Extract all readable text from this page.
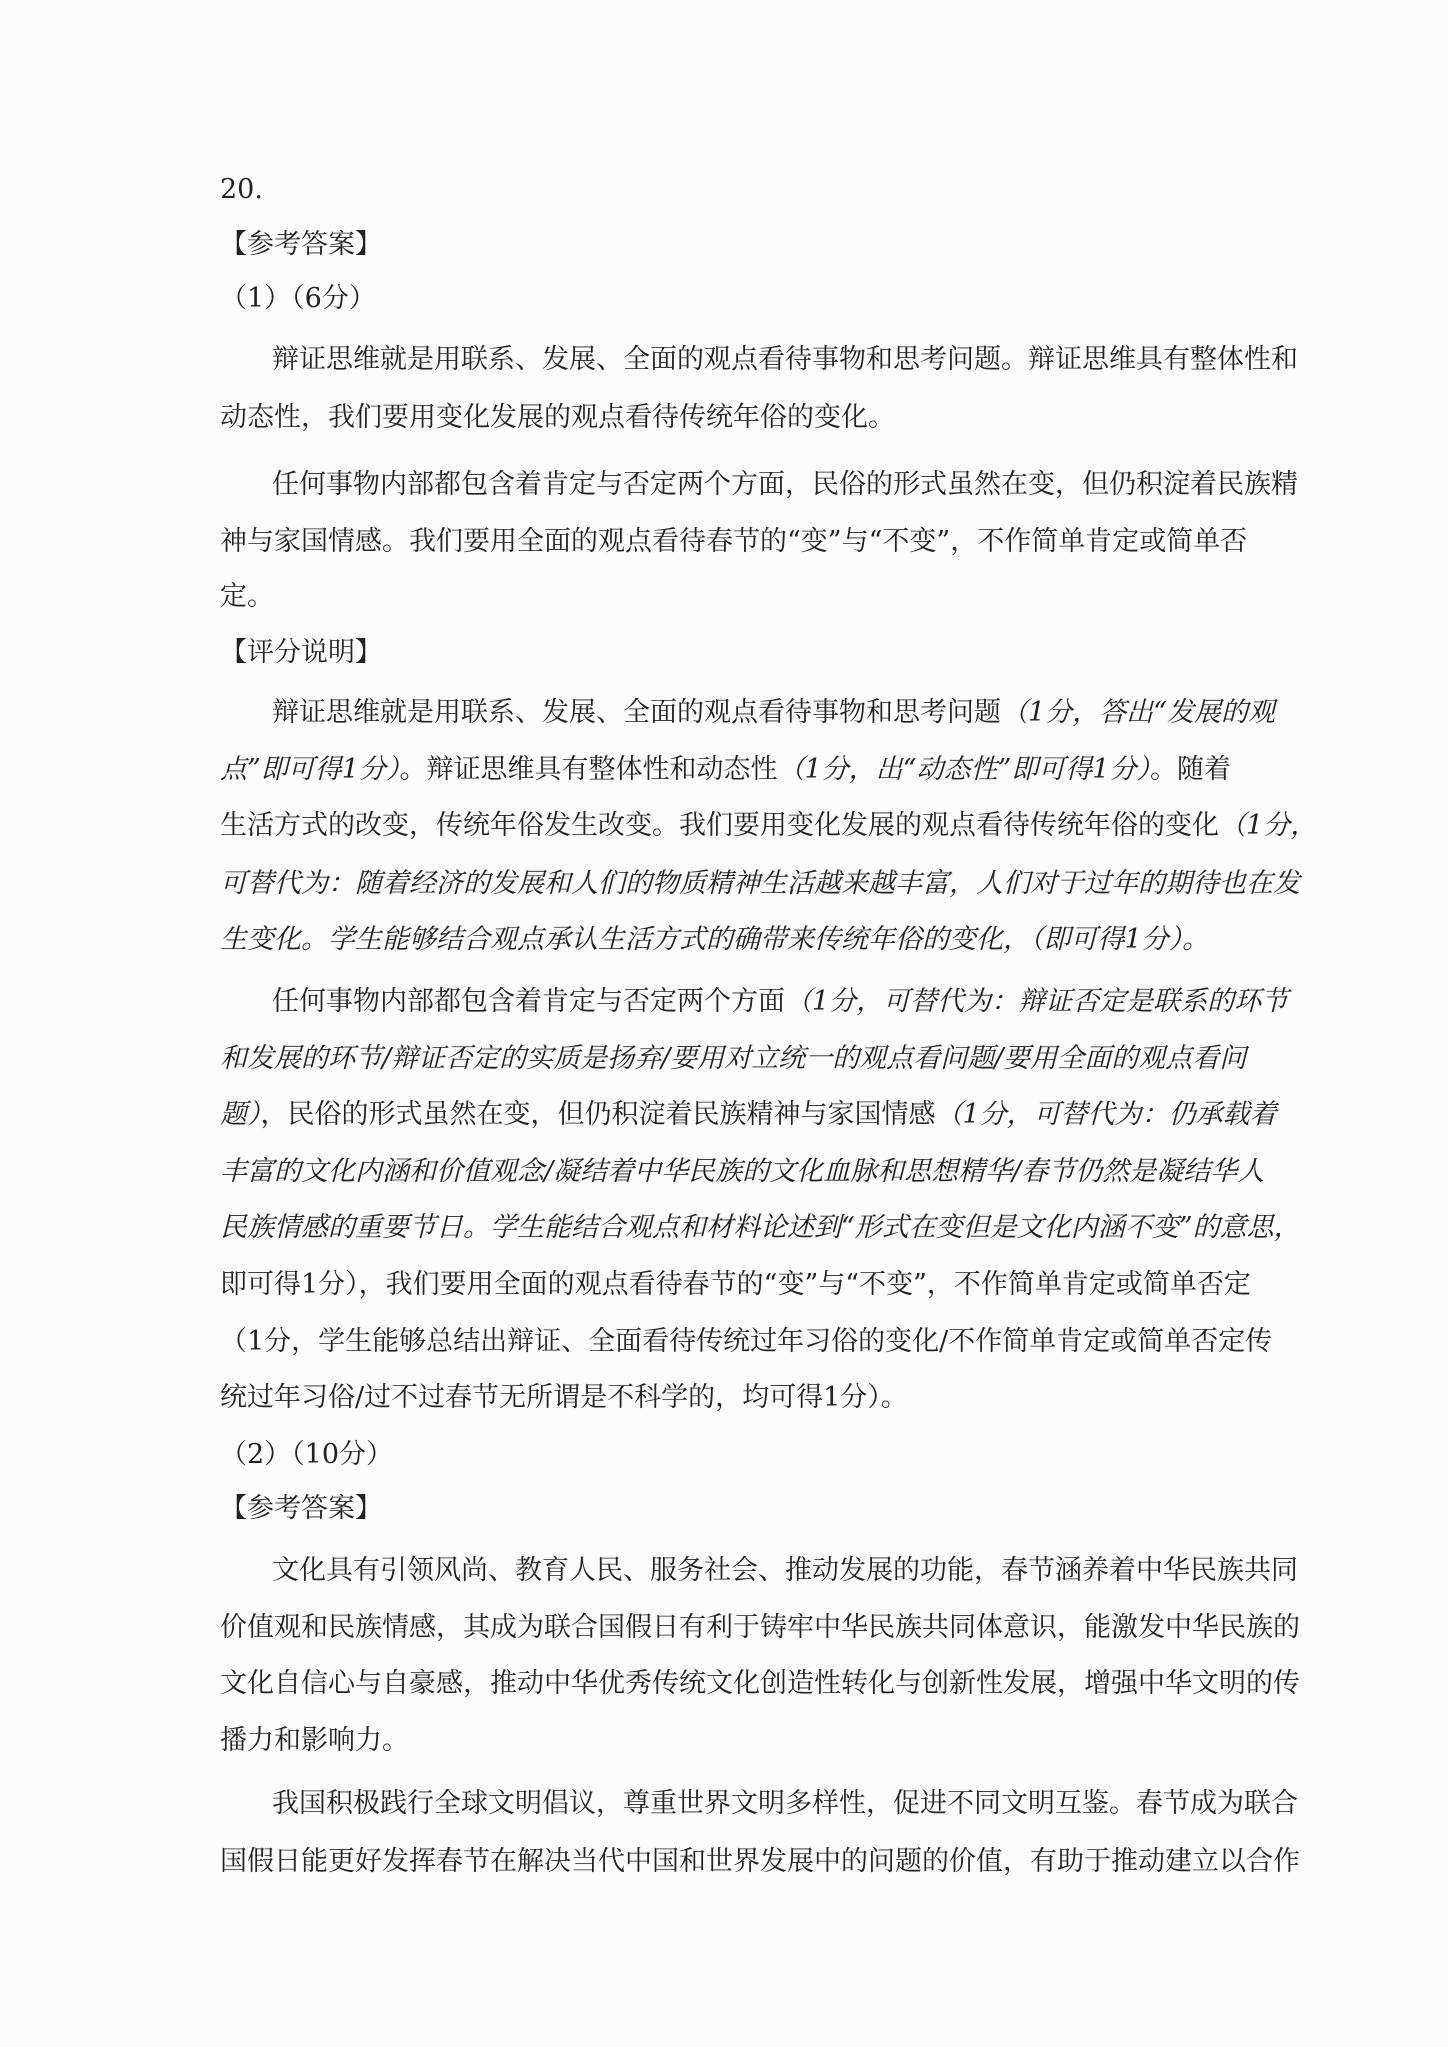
20.
【参考答案】
（1）（6分）
辩证思维就是用联系、发展、全面的观点看待事物和思考问题。辩证思维具有整体性和
动态性，我们要用变化发展的观点看待传统年俗的变化。
任何事物内部都包含着肯定与否定两个方面，民俗的形式虽然在变，但仍积淀着民族精
神与家国情感。我们要用全面的观点看待春节的“变”与“不变”，不作简单肯定或简单否
定。
【评分说明】
辩证思维就是用联系、发展、全面的观点看待事物和思考问题（1分，答出“发展的观
点”即可得1分）。辩证思维具有整体性和动态性（1分，出“动态性”即可得1分）。随着
生活方式的改变，传统年俗发生改变。我们要用变化发展的观点看待传统年俗的变化（1分，
可替代为：随着经济的发展和人们的物质精神生活越来越丰富，人们对于过年的期待也在发
生变化。学生能够结合观点承认生活方式的确带来传统年俗的变化，（即可得1分）。
任何事物内部都包含着肯定与否定两个方面（1分，可替代为：辩证否定是联系的环节
和发展的环节/辩证否定的实质是扬弃/要用对立统一的观点看问题/要用全面的观点看问
题），民俗的形式虽然在变，但仍积淀着民族精神与家国情感（1分，可替代为：仍承载着
丰富的文化内涵和价值观念/凝结着中华民族的文化血脉和思想精华/春节仍然是凝结华人
民族情感的重要节日。学生能结合观点和材料论述到“形式在变但是文化内涵不变”的意思，
即可得1分），我们要用全面的观点看待春节的“变”与“不变”，不作简单肯定或简单否定
（1分，学生能够总结出辩证、全面看待传统过年习俗的变化/不作简单肯定或简单否定传
统过年习俗/过不过春节无所谓是不科学的，均可得1分）。
（2）（10分）
【参考答案】
文化具有引领风尚、教育人民、服务社会、推动发展的功能，春节涵养着中华民族共同
价值观和民族情感，其成为联合国假日有利于铸牢中华民族共同体意识，能激发中华民族的
文化自信心与自豪感，推动中华优秀传统文化创造性转化与创新性发展，增强中华文明的传
播力和影响力。
我国积极践行全球文明倡议，尊重世界文明多样性，促进不同文明互鉴。春节成为联合
国假日能更好发挥春节在解决当代中国和世界发展中的问题的价值，有助于推动建立以合作
